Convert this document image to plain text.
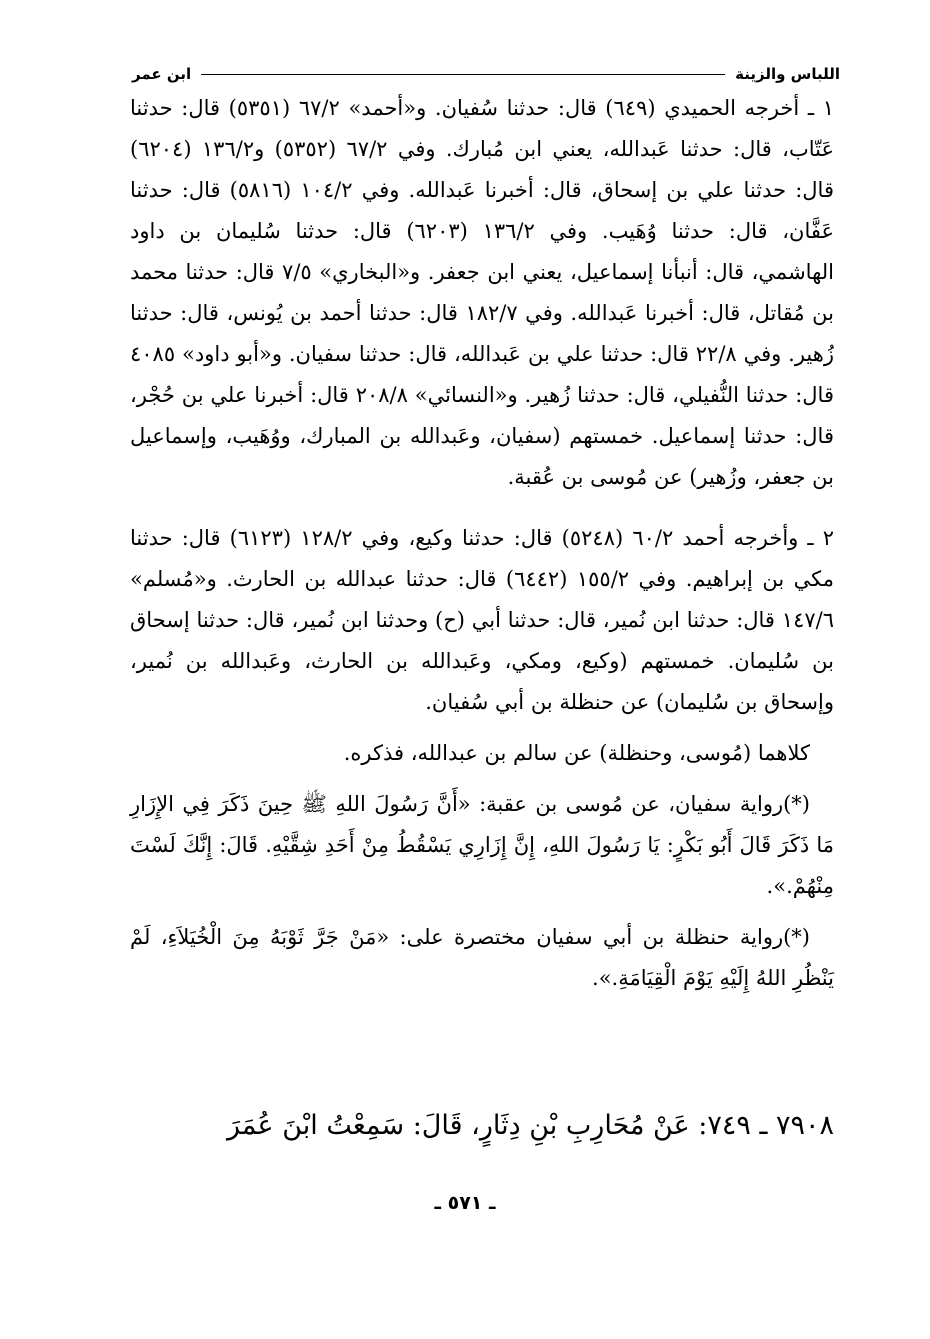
اللباس والزينة
ابن عمر

١ ـ أخرجه الحميدي (٦٤٩) قال: حدثنا سُفيان. و«أحمد» ٦٧/٢ (٥٣٥١) قال: حدثنا عَتّاب، قال: حدثنا عَبدالله، يعني ابن مُبارك. وفي ٦٧/٢ (٥٣٥٢) و١٣٦/٢ (٦٢٠٤) قال: حدثنا علي بن إسحاق، قال: أخبرنا عَبدالله. وفي ١٠٤/٢ (٥٨١٦) قال: حدثنا عَفَّان، قال: حدثنا وُهَيب. وفي ١٣٦/٢ (٦٢٠٣) قال: حدثنا سُليمان بن داود الهاشمي، قال: أنبأنا إسماعيل، يعني ابن جعفر. و«البخاري» ٧/٥ قال: حدثنا محمد بن مُقاتل، قال: أخبرنا عَبدالله. وفي ١٨٢/٧ قال: حدثنا أحمد بن يُونس، قال: حدثنا زُهير. وفي ٢٢/٨ قال: حدثنا علي بن عَبدالله، قال: حدثنا سفيان. و«أبو داود» ٤٠٨٥ قال: حدثنا النُّفيلي، قال: حدثنا زُهير. و«النسائي» ٢٠٨/٨ قال: أخبرنا علي بن حُجْر، قال: حدثنا إسماعيل. خمستهم (سفيان، وعَبدالله بن المبارك، ووُهَيب، وإسماعيل بن جعفر، وزُهير) عن مُوسى بن عُقبة.

٢ ـ وأخرجه أحمد ٦٠/٢ (٥٢٤٨) قال: حدثنا وكيع، وفي ١٢٨/٢ (٦١٢٣) قال: حدثنا مكي بن إبراهيم. وفي ١٥٥/٢ (٦٤٤٢) قال: حدثنا عبدالله بن الحارث. و«مُسلم» ١٤٧/٦ قال: حدثنا ابن نُمير، قال: حدثنا أبي (ح) وحدثنا ابن نُمير، قال: حدثنا إسحاق بن سُليمان. خمستهم (وكيع، ومكي، وعَبدالله بن الحارث، وعَبدالله بن نُمير، وإسحاق بن سُليمان) عن حنظلة بن أبي سُفيان.

كلاهما (مُوسى، وحنظلة) عن سالم بن عبدالله، فذكره.

(*)رواية سفيان، عن مُوسى بن عقبة: «أَنَّ رَسُولَ اللهِ ﷺ حِينَ ذَكَرَ فِي الإِزَارِ مَا ذَكَرَ قَالَ أَبُو بَكْرٍ: يَا رَسُولَ اللهِ، إِنَّ إِزَارِي يَسْقُطُ مِنْ أَحَدِ شِقَّيْهِ. قَالَ: إِنَّكَ لَسْتَ مِنْهُمْ.».

(*)رواية حنظلة بن أبي سفيان مختصرة على: «مَنْ جَرَّ ثَوْبَهُ مِنَ الْخُيَلاَءِ، لَمْ يَنْظُرِ اللهُ إِلَيْهِ يَوْمَ الْقِيَامَةِ.».

٧٩٠٨ ـ ٧٤٩: عَنْ مُحَارِبِ بْنِ دِثَارٍ، قَالَ: سَمِعْتُ ابْنَ عُمَرَ
ـ ٥٧١ ـ
